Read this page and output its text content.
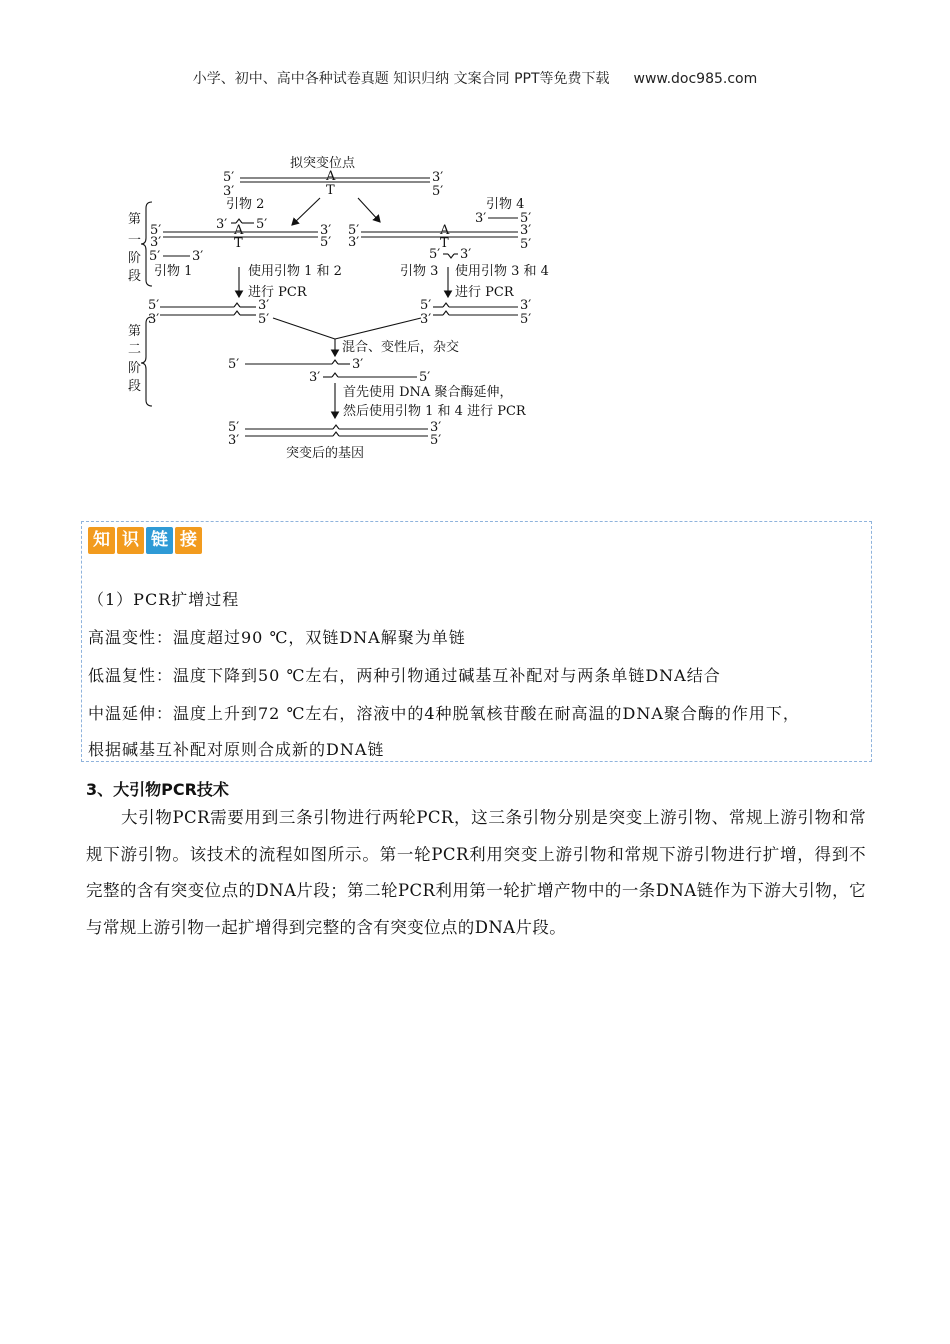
小学、初中、高中各种试卷真题 知识归纳 文案合同 PPT等免费下载 www.doc985.com
拟突变位点
5′
3′
3′
5′
A
T
第
一
阶
段
第
二
阶
段
引物 2
3′ 5′
5′
3′
3′
5′
A
T
5′ 3′
引物 1	使用引物 1 和 2
进行 PCR
引物 4
3′	5′
5′
3′
3′
5′
A
T
5′ 3′
引物 3 使用引物 3 和 4
进行 PCR
5′
3′
3′
5′
5′
3′
3′
5′
混合、变性后，杂交
5′	3′
3′	5′
首先使用 DNA 聚合酶延伸，
然后使用引物 1 和 4 进行 PCR
5′
3′
3′
5′
突变后的基因
知 识 链 接
（1）PCR扩增过程
高温变性：温度超过90 ℃，双链DNA解聚为单链
低温复性：温度下降到50 ℃左右，两种引物通过碱基互补配对与两条单链DNA结合
中温延伸：温度上升到72 ℃左右，溶液中的4种脱氧核苷酸在耐高温的DNA聚合酶的作用下，
根据碱基互补配对原则合成新的DNA链
3、大引物PCR技术
大引物PCR需要用到三条引物进行两轮PCR，这三条引物分别是突变上游引物、常规上游引物和常规下游引物。该技术的流程如图所示。第一轮PCR利用突变上游引物和常规下游引物进行扩增，得到不完整的含有突变位点的DNA片段；第二轮PCR利用第一轮扩增产物中的一条DNA链作为下游大引物，它与常规上游引物一起扩增得到完整的含有突变位点的DNA片段。
